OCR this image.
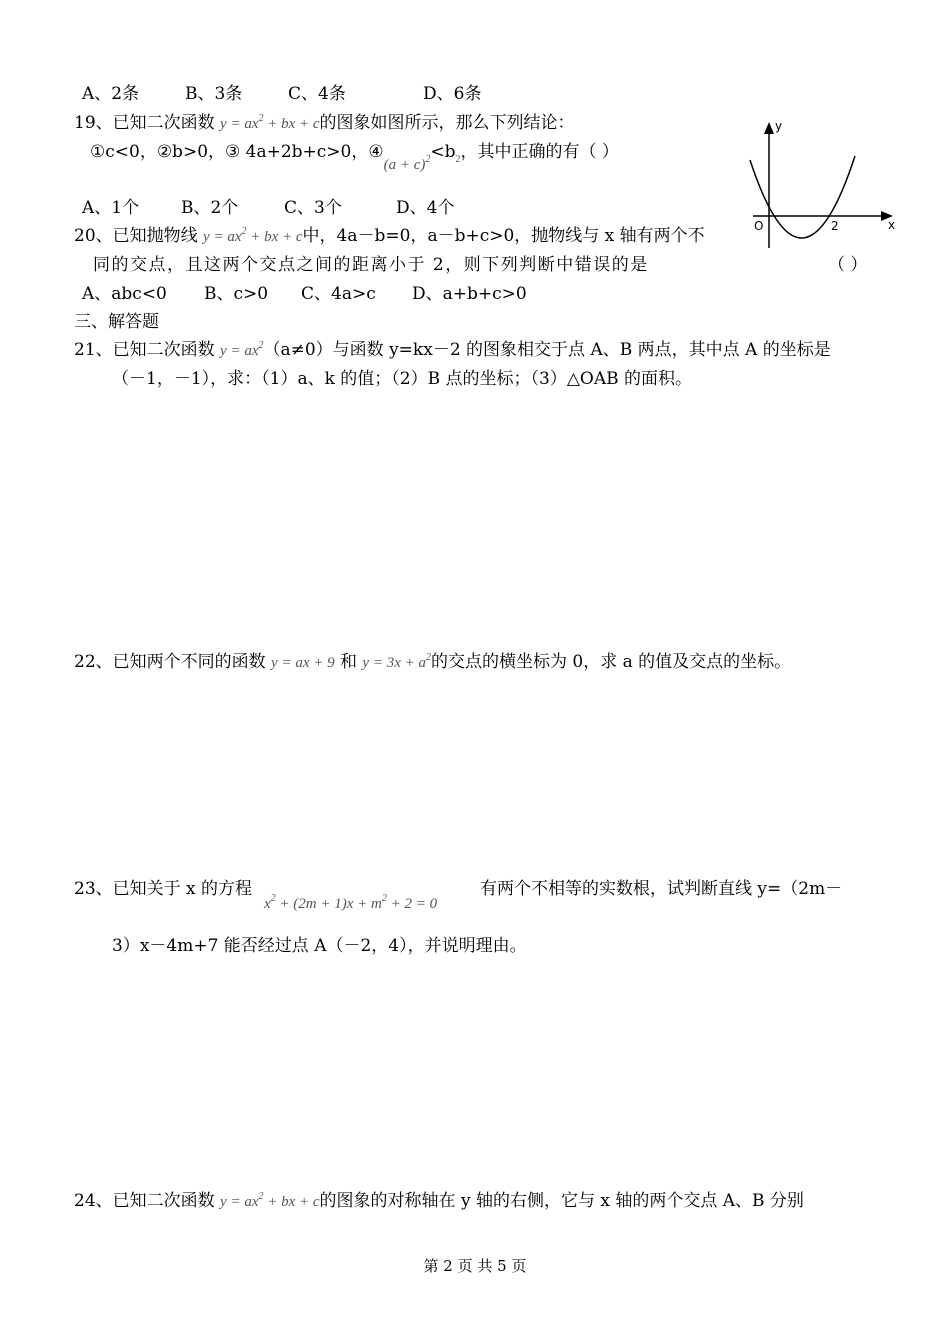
A、2条	B、3条	C、4条	D、6条
19、已知二次函数 $y = ax^2$ + bx + c的图象如图所示，那么下列结论：
①c<0，②b>0，③ 4a+2b+c>0，④(a + $c)^2<b_2$，其中正确的有（ ）
A、1个 B、2个	C、3个	D、4个
y
x
O	2
20、已知抛物线 $y = ax^2$ + bx + c中，4a－b=0，a－b+c>0，抛物线与 x 轴有两个不
同的交点，且这两个交点之间的距离小于 2，则下列判断中错误的是	（ ）
A、abc<0 B、c>0 C、4a>c D、a+b+c>0
三、解答题
21、已知二次函数 $y = ax^2(a\ne 0)$与函数 y=kx－2 的图象相交于点 A、B 两点，其中点 A 的坐标是
（－1，－1），求：（1）a、k 的值；（2）B 点的坐标；（3）△OAB 的面积。
22、已知两个不同的函数 y = ax + 9 和 $y = 3x + a^2$的交点的横坐标为 0，求 a 的值及交点的坐标。
23、已知关于 x 的方程
$x^2 + (2m + 1)x + m^2 + 2 = 0$
有两个不相等的实数根，试判断直线 y=（2m－
3）x－4m+7 能否经过点 A（－2，4），并说明理由。
24、已知二次函数 $y = ax^2$ + bx + c的图象的对称轴在 y 轴的右侧，它与 x 轴的两个交点 A、B 分别
第 2 页 共 5 页
